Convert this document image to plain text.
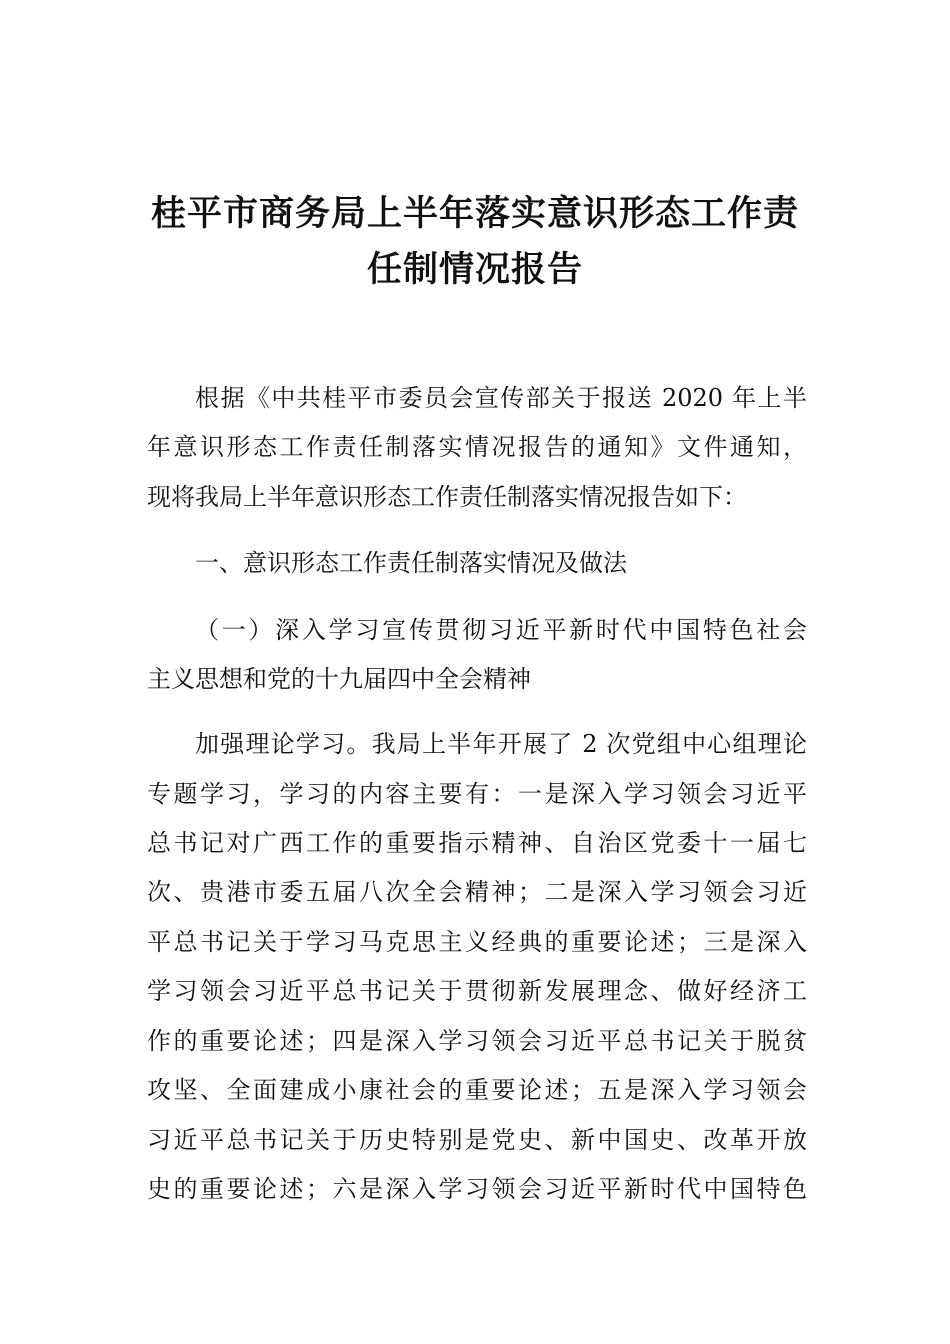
桂平市商务局上半年落实意识形态工作责
任制情况报告

根据《中共桂平市委员会宣传部关于报送 2020 年上半

年意识形态工作责任制落实情况报告的通知》文件通知，

现将我局上半年意识形态工作责任制落实情况报告如下：

一、意识形态工作责任制落实情况及做法

（一）深入学习宣传贯彻习近平新时代中国特色社会

主义思想和党的十九届四中全会精神

加强理论学习。我局上半年开展了 2 次党组中心组理论

专题学习，学习的内容主要有：一是深入学习领会习近平

总书记对广西工作的重要指示精神、自治区党委十一届七

次、贵港市委五届八次全会精神；二是深入学习领会习近

平总书记关于学习马克思主义经典的重要论述；三是深入

学习领会习近平总书记关于贯彻新发展理念、做好经济工

作的重要论述；四是深入学习领会习近平总书记关于脱贫

攻坚、全面建成小康社会的重要论述；五是深入学习领会

习近平总书记关于历史特别是党史、新中国史、改革开放

史的重要论述；六是深入学习领会习近平新时代中国特色
